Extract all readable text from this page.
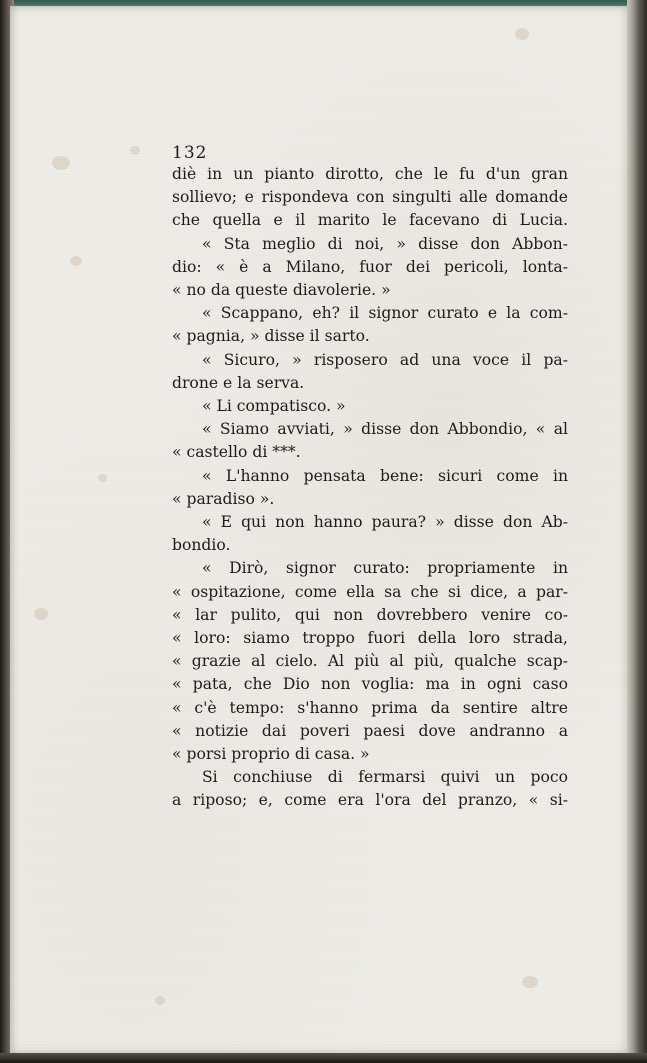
132
diè in un pianto dirotto, che le fu d'un gran
sollievo; e rispondeva con singulti alle domande
che quella e il marito le facevano di Lucia.
« Sta meglio di noi, » disse don Abbon-
dio: « è a Milano, fuor dei pericoli, lonta-
« no da queste diavolerie. »
« Scappano, eh? il signor curato e la com-
« pagnia, » disse il sarto.
« Sicuro, » risposero ad una voce il pa-
drone e la serva.
« Li compatisco. »
« Siamo avviati, » disse don Abbondio, « al
« castello di ***.
« L'hanno pensata bene: sicuri come in
« paradiso ».
« E qui non hanno paura? » disse don Ab-
bondio.
« Dirò, signor curato: propriamente in
« ospitazione, come ella sa che si dice, a par-
« lar pulito, qui non dovrebbero venire co-
« loro: siamo troppo fuori della loro strada,
« grazie al cielo. Al più al più, qualche scap-
« pata, che Dio non voglia: ma in ogni caso
« c'è tempo: s'hanno prima da sentire altre
« notizie dai poveri paesi dove andranno a
« porsi proprio di casa. »
Si conchiuse di fermarsi quivi un poco
a riposo; e, come era l'ora del pranzo, « si-
